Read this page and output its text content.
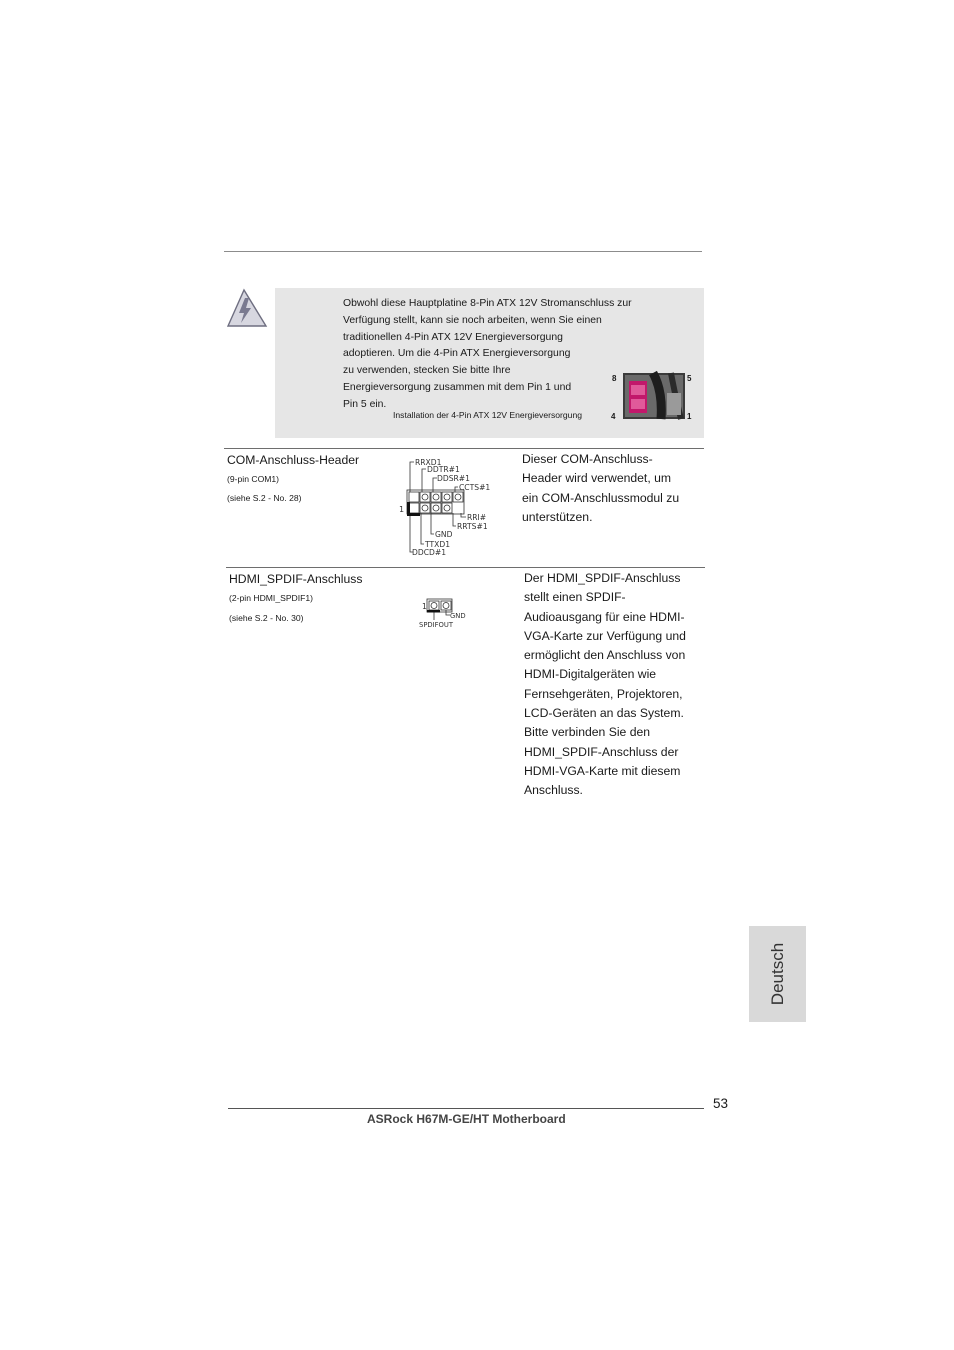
Obwohl diese Hauptplatine 8-Pin ATX 12V Stromanschluss zur
Verfügung stellt, kann sie noch arbeiten, wenn Sie einen
traditionellen 4-Pin ATX 12V Energieversorgung
adoptieren. Um die 4-Pin ATX Energieversorgung
zu verwenden, stecken Sie bitte Ihre
Energieversorgung zusammen mit dem Pin 1 und
Pin 5 ein.
Installation der 4-Pin ATX 12V Energieversorgung
8	5
4	1
COM-Anschluss-Header
(9-pin COM1)
(siehe S.2 - No. 28)
RRXD1
DDTR#1
DDSR#1
CCTS#1
RRI#
RRTS#1
GND
TTXD1
DDCD#1
1
Dieser COM-Anschluss-
Header wird verwendet, um
ein COM-Anschlussmodul zu
unterstützen.
HDMI_SPDIF-Anschluss
(2-pin HDMI_SPDIF1)
(siehe S.2 - No. 30)
1
GND
SPDIFOUT
Der HDMI_SPDIF-Anschluss
stellt einen SPDIF-
Audioausgang für eine HDMI-
VGA-Karte zur Verfügung und
ermöglicht den Anschluss von
HDMI-Digitalgeräten wie
Fernsehgeräten, Projektoren,
LCD-Geräten an das System.
Bitte verbinden Sie den
HDMI_SPDIF-Anschluss der
HDMI-VGA-Karte mit diesem
Anschluss.
Deutsch
53
ASRock H67M-GE/HT Motherboard
